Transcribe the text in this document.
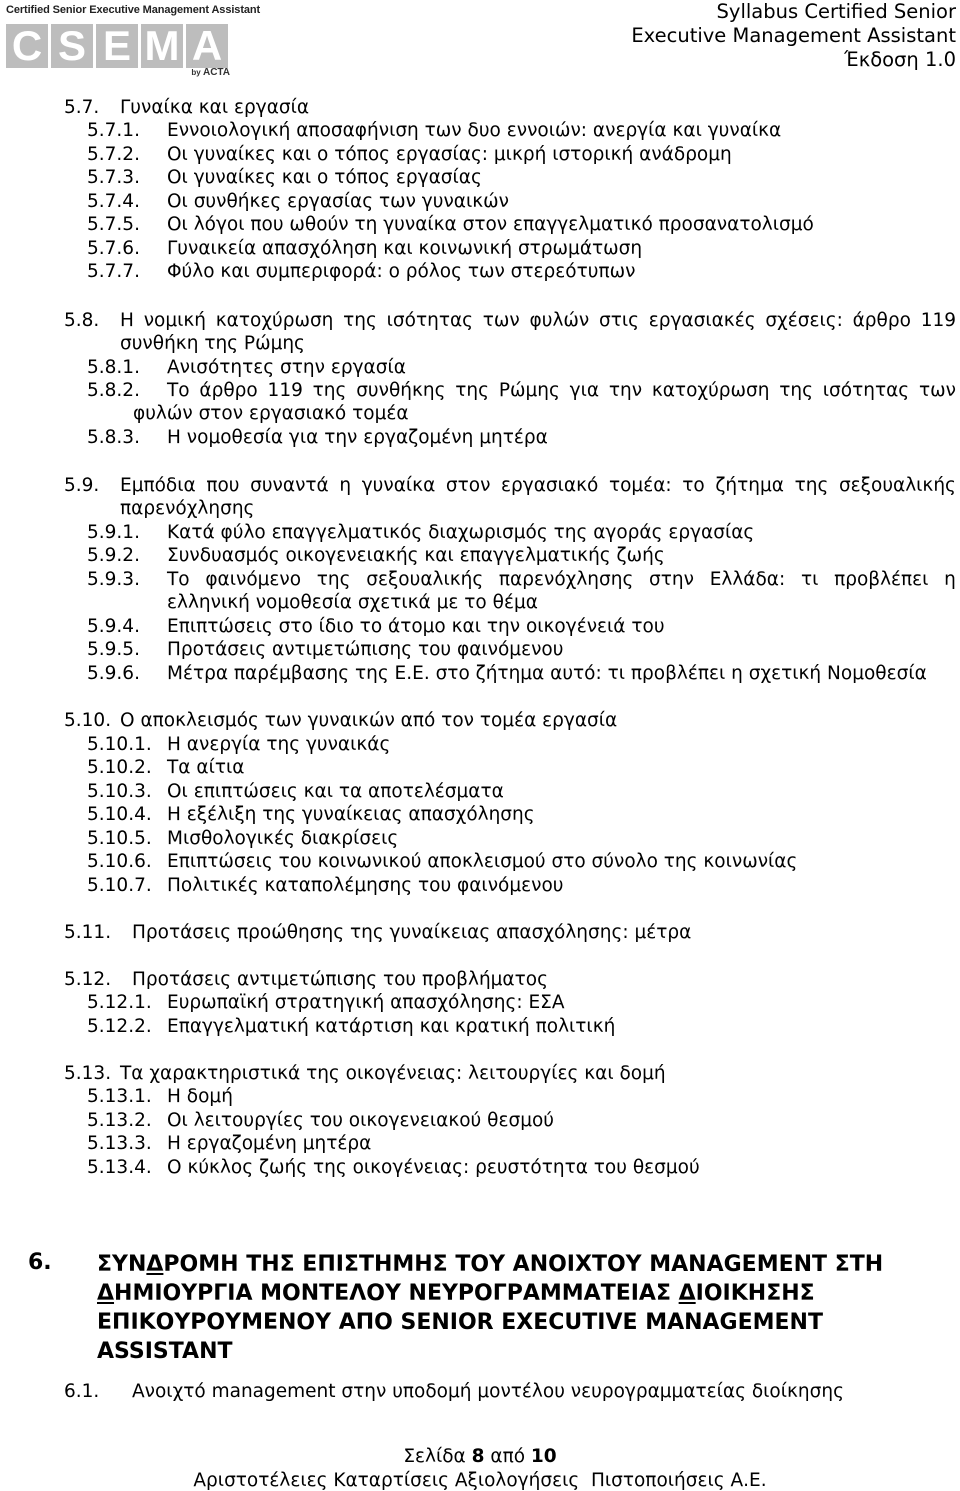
Certified Senior Executive Management Assistant
C S E M A
by ACTA
Syllabus Certified Senior
Executive Management Assistant
Έκδοση 1.0
5.7. Γυναίκα και εργασία
5.7.1. Εννοιολογική αποσαφήνιση των δυο εννοιών: ανεργία και γυναίκα
5.7.2. Οι γυναίκες και ο τόπος εργασίας: μικρή ιστορική ανάδρομη
5.7.3. Οι γυναίκες και ο τόπος εργασίας
5.7.4. Οι συνθήκες εργασίας των γυναικών
5.7.5. Οι λόγοι που ωθούν τη γυναίκα στον επαγγελματικό προσανατολισμό
5.7.6. Γυναικεία απασχόληση και κοινωνική στρωμάτωση
5.7.7. Φύλο και συμπεριφορά: ο ρόλος των στερεότυπων
5.8. Η νομική κατοχύρωση της ισότητας των φυλών στις εργασιακές σχέσεις: άρθρο 119
συνθήκη της Ρώμης
5.8.1. Ανισότητες στην εργασία
5.8.2. Το άρθρο 119 της συνθήκης της Ρώμης για την κατοχύρωση της ισότητας των
φυλών στον εργασιακό τομέα
5.8.3. Η νομοθεσία για την εργαζομένη μητέρα
5.9. Εμπόδια που συναντά η γυναίκα στον εργασιακό τομέα: το ζήτημα της σεξουαλικής
παρενόχλησης
5.9.1. Κατά φύλο επαγγελματικός διαχωρισμός της αγοράς εργασίας
5.9.2. Συνδυασμός οικογενειακής και επαγγελματικής ζωής
5.9.3. Το φαινόμενο της σεξουαλικής παρενόχλησης στην Ελλάδα: τι προβλέπει η
ελληνική νομοθεσία σχετικά με το θέμα
5.9.4. Επιπτώσεις στο ίδιο το άτομο και την οικογένειά του
5.9.5. Προτάσεις αντιμετώπισης του φαινόμενου
5.9.6. Μέτρα παρέμβασης της Ε.Ε. στο ζήτημα αυτό: τι προβλέπει η σχετική Νομοθεσία
5.10. Ο αποκλεισμός των γυναικών από τον τομέα εργασία
5.10.1. Η ανεργία της γυναικάς
5.10.2. Τα αίτια
5.10.3. Οι επιπτώσεις και τα αποτελέσματα
5.10.4. Η εξέλιξη της γυναίκειας απασχόλησης
5.10.5. Μισθολογικές διακρίσεις
5.10.6. Επιπτώσεις του κοινωνικού αποκλεισμού στο σύνολο της κοινωνίας
5.10.7. Πολιτικές καταπολέμησης του φαινόμενου
5.11. Προτάσεις προώθησης της γυναίκειας απασχόλησης: μέτρα
5.12. Προτάσεις αντιμετώπισης του προβλήματος
5.12.1. Ευρωπαϊκή στρατηγική απασχόλησης: ΕΣΑ
5.12.2. Επαγγελματική κατάρτιση και κρατική πολιτική
5.13. Τα χαρακτηριστικά της οικογένειας: λειτουργίες και δομή
5.13.1. Η δομή
5.13.2. Οι λειτουργίες του οικογενειακού θεσμού
5.13.3. Η εργαζομένη μητέρα
5.13.4. Ο κύκλος ζωής της οικογένειας: ρευστότητα του θεσμού
6. ΣΥΝΔΡΟΜΗ ΤΗΣ ΕΠΙΣΤΗΜΗΣ ΤΟΥ ΑΝΟΙΧΤΟΥ MANAGEMENT ΣΤΗ
ΔΗΜΙΟΥΡΓΙΑ ΜΟΝΤΕΛΟΥ ΝΕΥΡΟΓΡΑΜΜΑΤΕΙΑΣ ΔΙΟΙΚΗΣΗΣ
ΕΠΙΚΟΥΡΟΥΜΕΝΟΥ ΑΠΟ SENIOR EXECUTIVE MANAGEMENT
ASSISTANT
6.1. Ανοιχτό management στην υποδομή μοντέλου νευρογραμματείας διοίκησης
Σελίδα 8 από 10
Αριστοτέλειες Καταρτίσεις Αξιολογήσεις  Πιστοποιήσεις Α.Ε.
